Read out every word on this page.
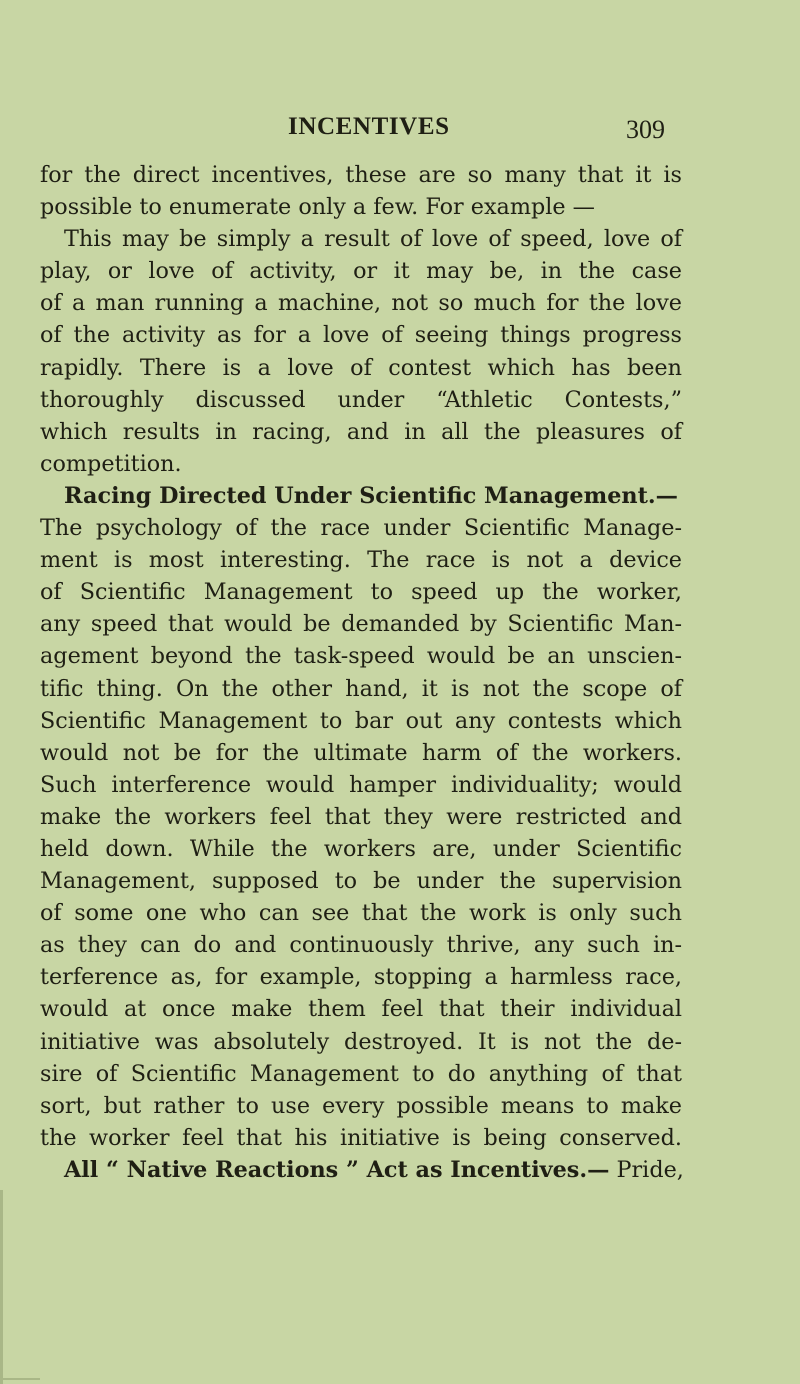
INCENTIVES	309
for the direct incentives, these are so many that it is
possible to enumerate only a few. For example —
This may be simply a result of love of speed, love of
play, or love of activity, or it may be, in the case
of a man running a machine, not so much for the love
of the activity as for a love of seeing things progress
rapidly. There is a love of contest which has been
thoroughly discussed under “Athletic Contests,”
which results in racing, and in all the pleasures of
competition.
Racing Directed Under Scientific Management.—
The psychology of the race under Scientific Manage-
ment is most interesting. The race is not a device
of Scientific Management to speed up the worker,
any speed that would be demanded by Scientific Man-
agement beyond the task-speed would be an unscien-
tific thing. On the other hand, it is not the scope of
Scientific Management to bar out any contests which
would not be for the ultimate harm of the workers.
Such interference would hamper individuality; would
make the workers feel that they were restricted and
held down. While the workers are, under Scientific
Management, supposed to be under the supervision
of some one who can see that the work is only such
as they can do and continuously thrive, any such in-
terference as, for example, stopping a harmless race,
would at once make them feel that their individual
initiative was absolutely destroyed. It is not the de-
sire of Scientific Management to do anything of that
sort, but rather to use every possible means to make
the worker feel that his initiative is being conserved.
All “ Native Reactions ” Act as Incentives.— Pride,
